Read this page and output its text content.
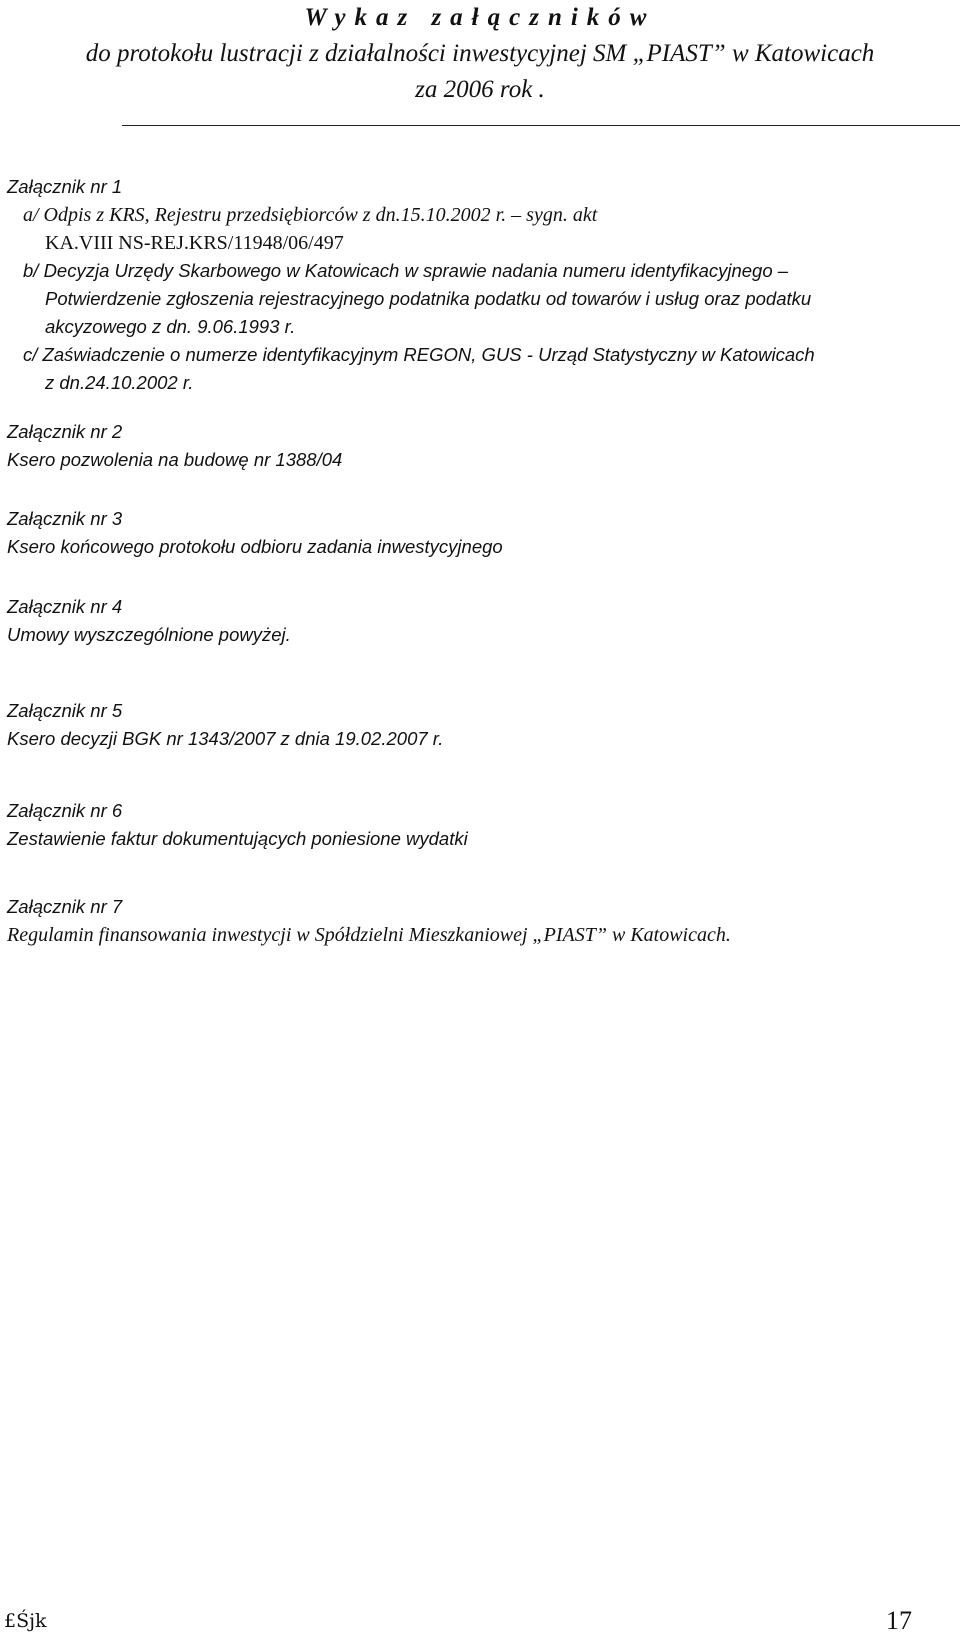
Wykaz załączników
do protokołu lustracji z działalności inwestycyjnej SM „PIAST” w Katowicach
za 2006 rok .
Załącznik nr 1
a/ Odpis z KRS, Rejestru przedsiębiorców z dn.15.10.2002 r. – sygn. akt
KA.VIII NS-REJ.KRS/11948/06/497
b/ Decyzja Urzędy Skarbowego w Katowicach w sprawie nadania numeru identyfikacyjnego –
Potwierdzenie zgłoszenia rejestracyjnego podatnika podatku od towarów i usług oraz podatku
akcyzowego z dn. 9.06.1993 r.
c/ Zaświadczenie o numerze identyfikacyjnym REGON, GUS - Urząd Statystyczny w Katowicach
z dn.24.10.2002 r.
Załącznik nr 2
Ksero pozwolenia na budowę nr 1388/04
Załącznik nr 3
Ksero końcowego protokołu odbioru zadania inwestycyjnego
Załącznik nr 4
Umowy wyszczególnione powyżej.
Załącznik nr 5
Ksero decyzji BGK nr 1343/2007 z dnia 19.02.2007 r.
Załącznik nr 6
Zestawienie faktur dokumentujących poniesione wydatki
Załącznik nr 7
Regulamin finansowania inwestycji w Spółdzielni Mieszkaniowej „PIAST” w Katowicach.
£Śjk	17
